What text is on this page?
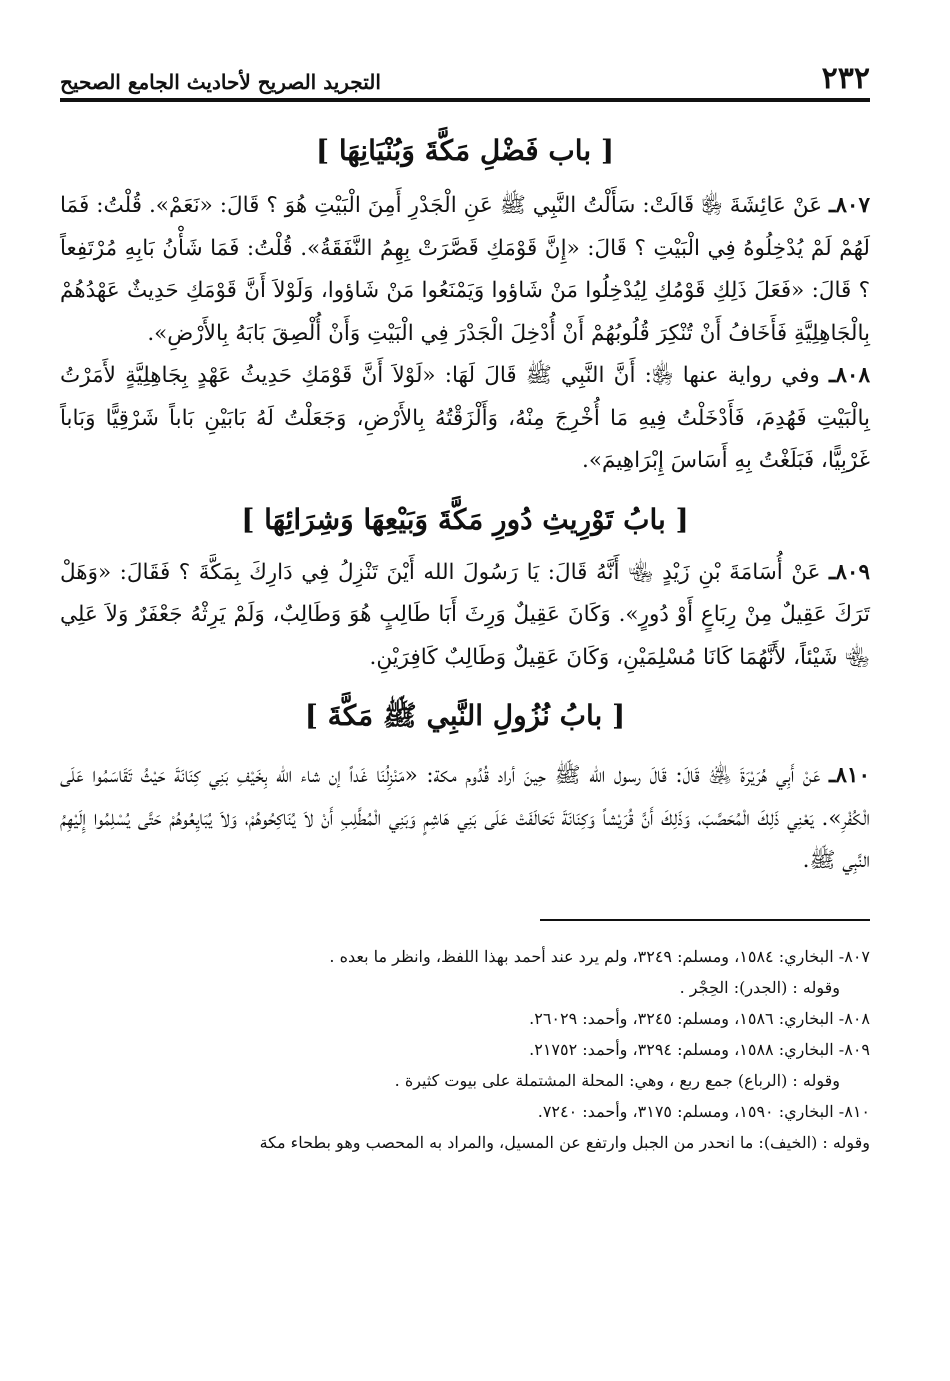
٢٣٢
التجريد الصريح لأحاديث الجامع الصحيح
[ باب فَضْلِ مَكَّةَ وَبُنْيَانِهَا ]

٨٠٧ـ عَنْ عَائِشَةَ ﵂ قَالَتْ: سَأَلْتُ النَّبِي ﷺ عَنِ الْجَدْرِ أَمِنَ الْبَيْتِ هُوَ ؟ قَالَ: «نَعَمْ». قُلْتُ: فَمَا لَهُمْ لَمْ يُدْخِلُوهُ فِي الْبَيْتِ ؟ قَالَ: «إِنَّ قَوْمَكِ قَصَّرَتْ بِهِمُ النَّفَقَةُ». قُلْتُ: فَمَا شَأْنُ بَابِهِ مُرْتَفِعاً ؟ قَالَ: «فَعَلَ ذَلِكِ قَوْمُكِ لِيُدْخِلُوا مَنْ شَاؤوا وَيَمْنَعُوا مَنْ شَاؤوا، وَلَوْلاَ أَنَّ قَوْمَكِ حَدِيثٌ عَهْدُهُمْ بِالْجَاهِلِيَّةِ فَأَخَافُ أَنْ تُنْكِرَ قُلُوبُهُمْ أَنْ أُدْخِلَ الْجَدْرَ فِي الْبَيْتِ وَأَنْ أُلْصِقَ بَابَهُ بِالأَرْضِ».

٨٠٨ـ وفي رواية عنها ﵂: أَنَّ النَّبِي ﷺ قَالَ لَهَا: «لَوْلاَ أَنَّ قَوْمَكِ حَدِيثُ عَهْدٍ بِجَاهِلِيَّةٍ لأَمَرْتُ بِالْبَيْتِ فَهُدِمَ، فَأَدْخَلْتُ فِيهِ مَا أُخْرِجَ مِنْهُ، وَأَلْزَقْتُهُ بِالأَرْضِ، وَجَعَلْتُ لَهُ بَابَيْنِ بَاباً شَرْقِيًّا وَبَاباً غَرْبِيًّا، فَبَلَغْتُ بِهِ أَسَاسَ إِبْرَاهِيمَ».

[ بابُ تَوْرِيثِ دُورِ مَكَّةَ وَبَيْعِهَا وَشِرَائِهَا ]

٨٠٩ـ عَنْ أُسَامَةَ بْنِ زَيْدٍ ﵄ أَنَّهُ قَالَ: يَا رَسُولَ الله أَيْنَ تَنْزِلُ فِي دَارِكَ بِمَكَّةَ ؟ فَقَالَ: «وَهَلْ تَرَكَ عَقِيلٌ مِنْ رِبَاعٍ أَوْ دُورٍ». وَكَانَ عَقِيلٌ وَرِثَ أَبَا طَالِبٍ هُوَ وَطَالِبٌ، وَلَمْ يَرِثْهُ جَعْفَرٌ وَلاَ عَلِي ﵄ شَيْئاً، لأَنَّهُمَا كَانَا مُسْلِمَيْنِ، وَكَانَ عَقِيلٌ وَطَالِبٌ كَافِرَيْنِ.

[ بابُ نُزُولِ النَّبِي ﷺ مَكَّةَ ]

٨١٠ـ عَنْ أَبِي هُرَيْرَةَ ﵁ قَالَ: قَالَ رسول الله ﷺ حِينَ أراد قُدُوم مكة: «مَنْزِلُنَا غَداً إن شاء الله بِخَيْفِ بَنِي كِنَانَةَ حَيْثُ تَقَاسَمُوا عَلَى الْكُفْرِ». يَعْنِي ذَلِكَ الْمُحَصَّبَ، وَذَلِكَ أَنَّ قُرَيْشاً وَكِنَانَةَ تَحَالَفَتْ عَلَى بَنِي هَاشِمٍ وَبَنِي الْمُطَّلِبِ أَنْ لاَ يُنَاكِحُوهُمْ، وَلاَ يُبَايِعُوهُمْ حَتَّى يُسْلِمُوا إِلَيْهِمُ النَّبِي ﷺ.

٨٠٧- البخاري: ١٥٨٤، ومسلم: ٣٢٤٩، ولم يرد عند أحمد بهذا اللفظ، وانظر ما بعده .

وقوله : (الجدر): الحِجْر .

٨٠٨- البخاري: ١٥٨٦، ومسلم: ٣٢٤٥، وأحمد: ٢٦٠٢٩.

٨٠٩- البخاري: ١٥٨٨، ومسلم: ٣٢٩٤، وأحمد: ٢١٧٥٢.

وقوله : (الرباع) جمع ربع ، وهي: المحلة المشتملة على بيوت كثيرة .

٨١٠- البخاري: ١٥٩٠، ومسلم: ٣١٧٥، وأحمد: ٧٢٤٠.

وقوله : (الخيف): ما انحدر من الجبل وارتفع عن المسيل، والمراد به المحصب وهو بطحاء مكة
